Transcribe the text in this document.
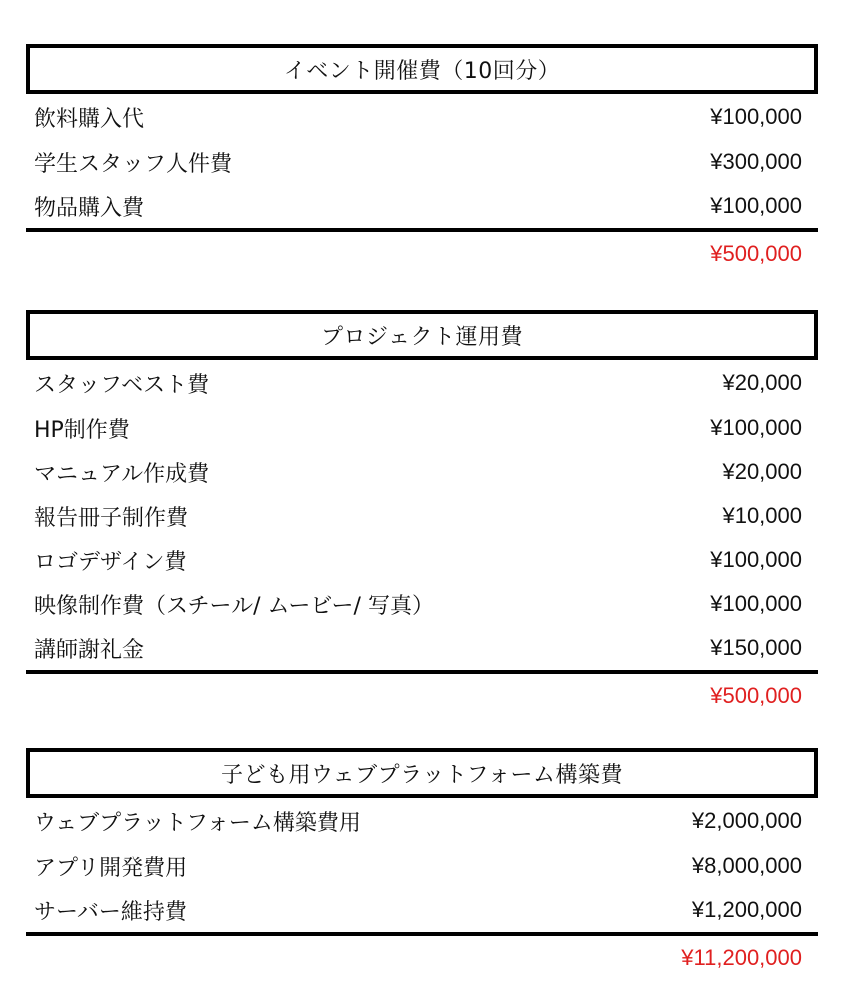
イベント開催費（10回分）
飲料購入代	¥100,000
学生スタッフ人件費	¥300,000
物品購入費	¥100,000
¥500,000
プロジェクト運用費
スタッフベスト費	¥20,000
HP制作費	¥100,000
マニュアル作成費	¥20,000
報告冊子制作費	¥10,000
ロゴデザイン費	¥100,000
映像制作費（スチール/ ムービー/ 写真）	¥100,000
講師謝礼金	¥150,000
¥500,000
子ども用ウェブプラットフォーム構築費
ウェブプラットフォーム構築費用	¥2,000,000
アプリ開発費用	¥8,000,000
サーバー維持費	¥1,200,000
¥11,200,000
